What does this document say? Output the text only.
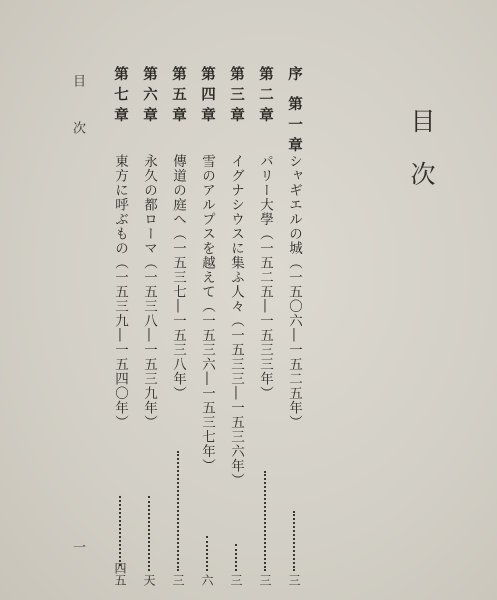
目次
序
第一章
シャギエルの城（一五〇六―一五二五年）
三
第二章
パリー大學（一五二五―一五三三年）
三
第三章
イグナシウスに集ふ人々（一五三三―一五三六年）
三
第四章
雪のアルプスを越えて（一五三六―一五三七年）
六
第五章
傳道の庭へ（一五三七―一五三八年）
三
第六章
永久の都ローマ（一五三八―一五三九年）
天
第七章
東方に呼ぶもの（一五三九―一五四〇年）
四五
目次
一
